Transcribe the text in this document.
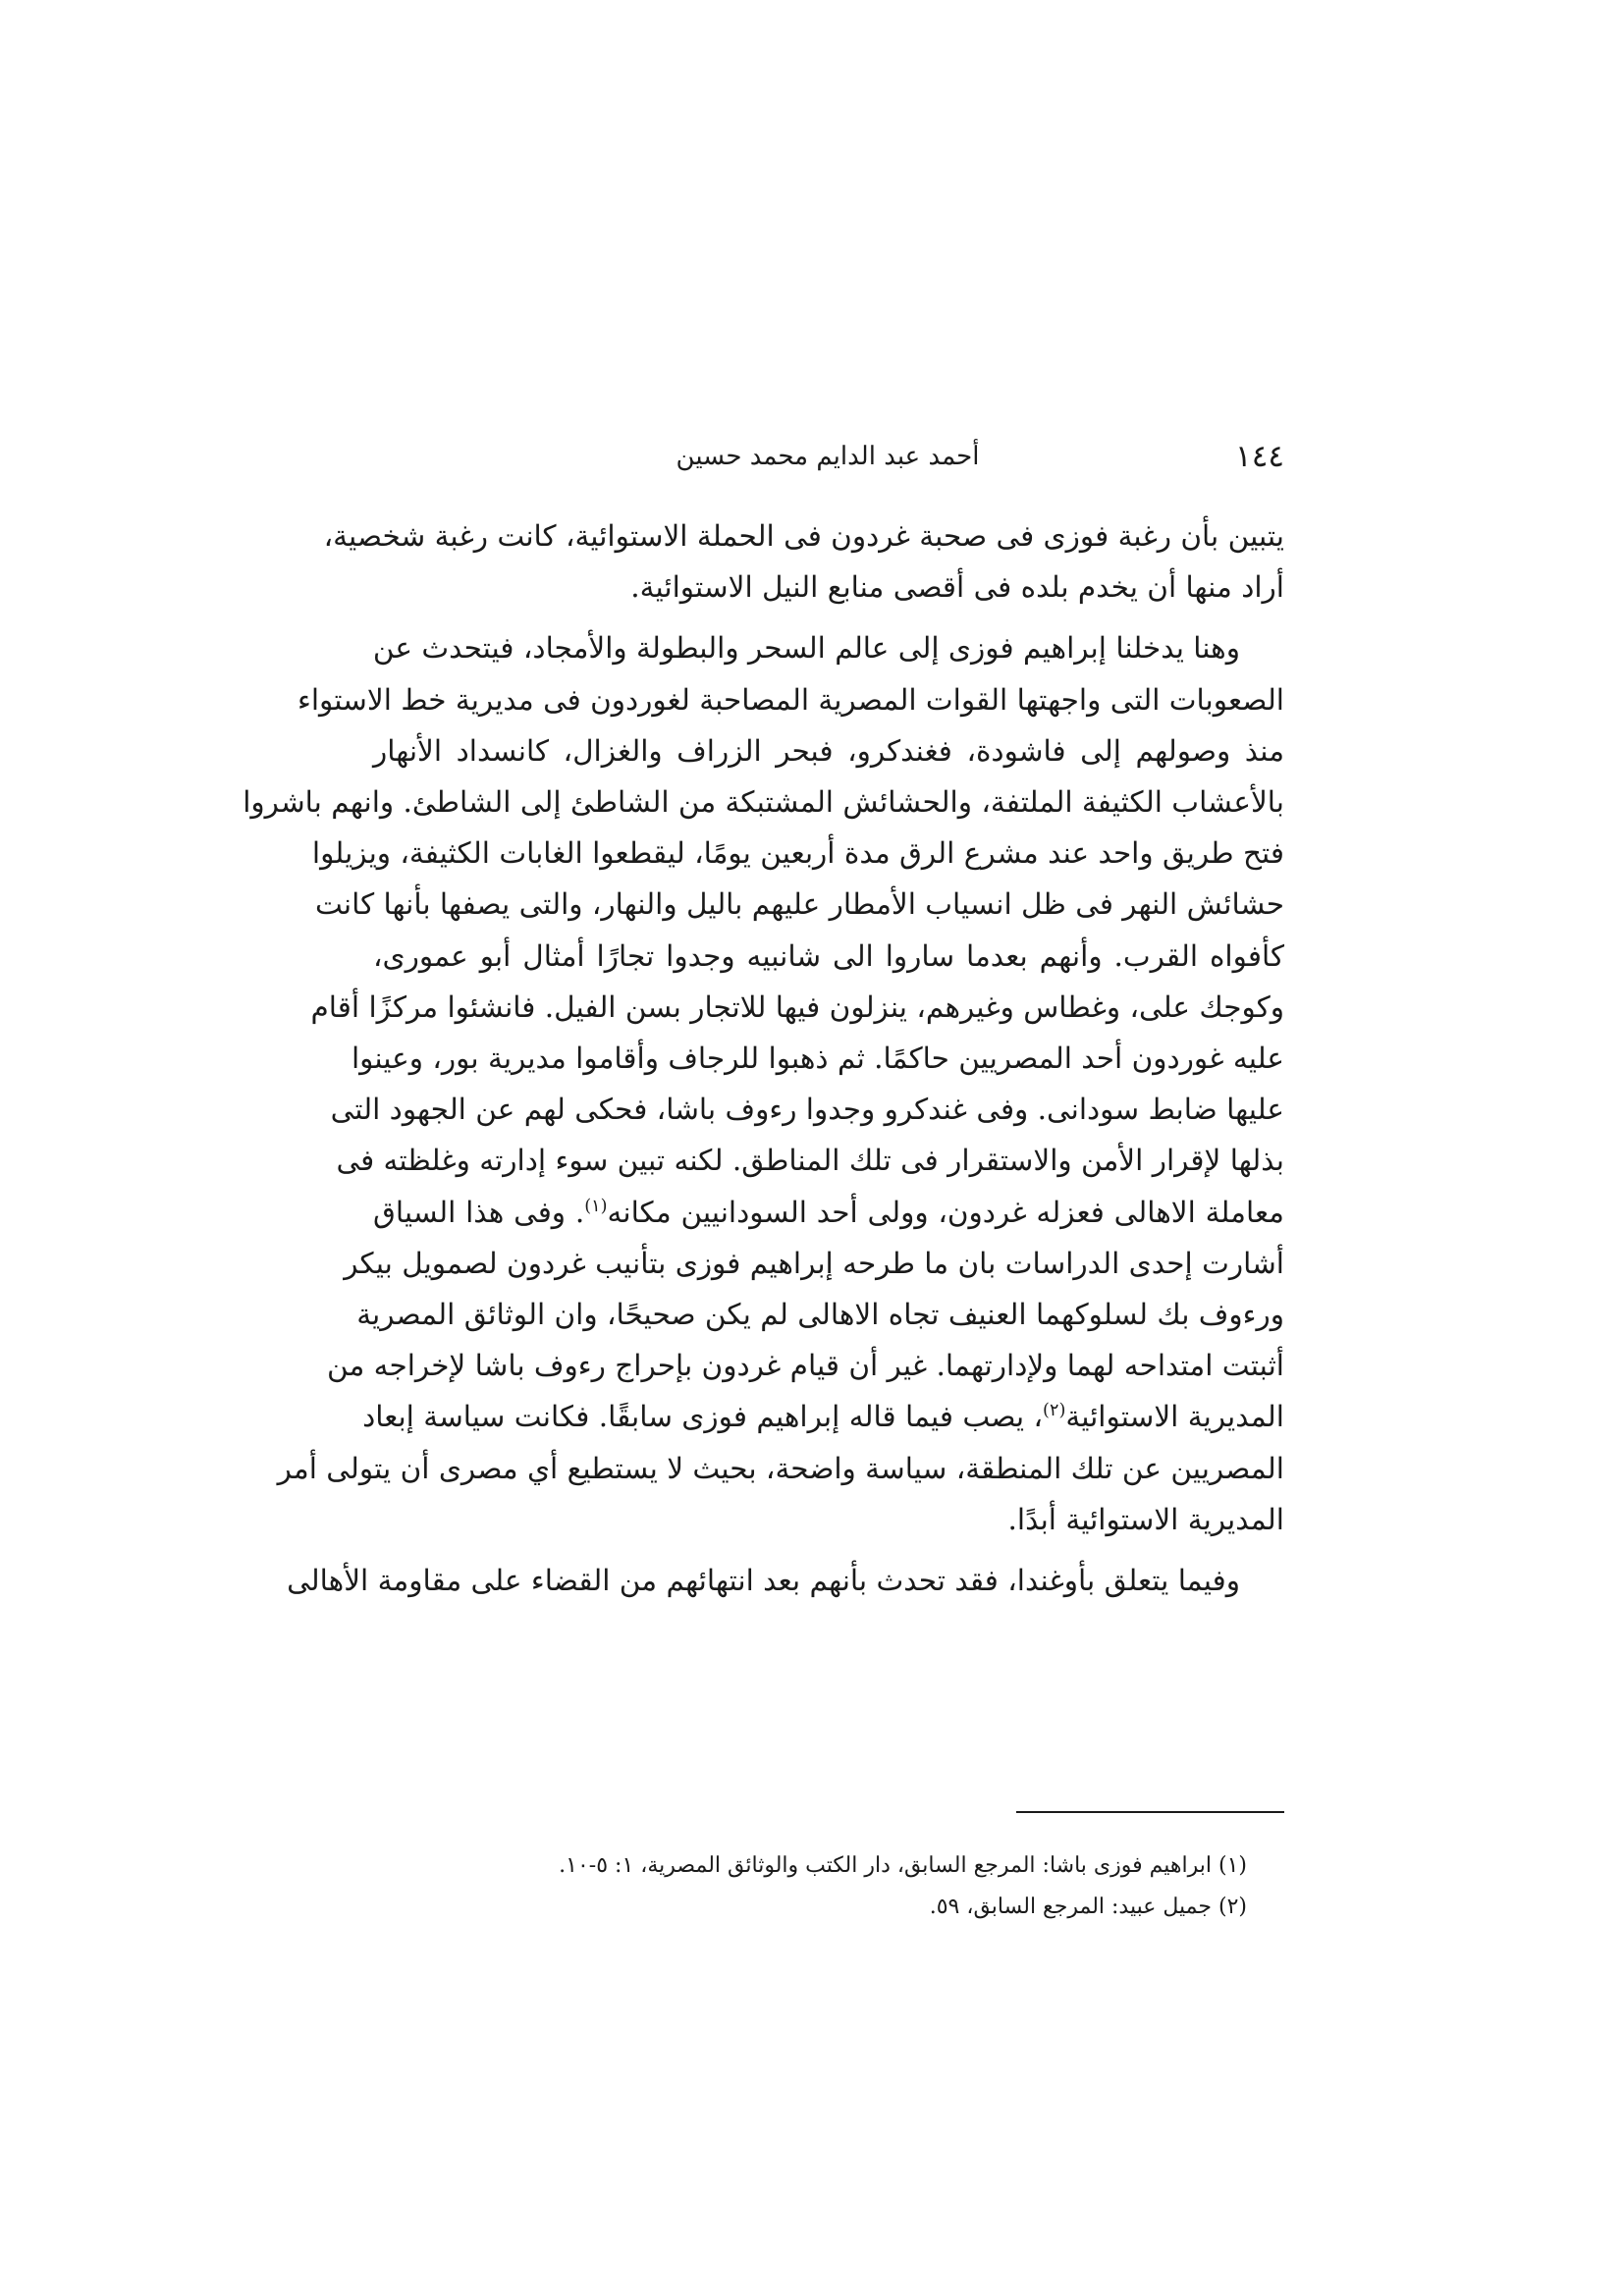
١٤٤
أحمد عبد الدايم محمد حسين

يتبين بأن رغبة فوزى فى صحبة غردون فى الحملة الاستوائية، كانت رغبة شخصية،
أراد منها أن يخدم بلده فى أقصى منابع النيل الاستوائية.

وهنا يدخلنا إبراهيم فوزى إلى عالم السحر والبطولة والأمجاد، فيتحدث عن
الصعوبات التى واجهتها القوات المصرية المصاحبة لغوردون فى مديرية خط الاستواء
منذ وصولهم إلى فاشودة، فغندكرو، فبحر الزراف والغزال، كانسداد الأنهار
بالأعشاب الكثيفة الملتفة، والحشائش المشتبكة من الشاطئ إلى الشاطئ. وانهم باشروا
فتح طريق واحد عند مشرع الرق مدة أربعين يومًا، ليقطعوا الغابات الكثيفة، ويزيلوا
حشائش النهر فى ظل انسياب الأمطار عليهم باليل والنهار، والتى يصفها بأنها كانت
كأفواه القرب. وأنهم بعدما ساروا الى شانبيه وجدوا تجارًا أمثال أبو عمورى،
وكوجك على، وغطاس وغيرهم، ينزلون فيها للاتجار بسن الفيل. فانشئوا مركزًا أقام
عليه غوردون أحد المصريين حاكمًا. ثم ذهبوا للرجاف وأقاموا مديرية بور، وعينوا
عليها ضابط سودانى. وفى غندكرو وجدوا رءوف باشا، فحكى لهم عن الجهود التى
بذلها لإقرار الأمن والاستقرار فى تلك المناطق. لكنه تبين سوء إدارته وغلظته فى
معاملة الاهالى فعزله غردون، وولى أحد السودانيين مكانه$^{(١)}$. وفى هذا السياق
أشارت إحدى الدراسات بان ما طرحه إبراهيم فوزى بتأنيب غردون لصمويل بيكر
ورءوف بك لسلوكهما العنيف تجاه الاهالى لم يكن صحيحًا، وان الوثائق المصرية
أثبتت امتداحه لهما ولإدارتهما. غير أن قيام غردون بإحراج رءوف باشا لإخراجه من
المديرية الاستوائية$^{(٢)}$، يصب فيما قاله إبراهيم فوزى سابقًا. فكانت سياسة إبعاد
المصريين عن تلك المنطقة، سياسة واضحة، بحيث لا يستطيع أي مصرى أن يتولى أمر
المديرية الاستوائية أبدًا.

وفيما يتعلق بأوغندا، فقد تحدث بأنهم بعد انتهائهم من القضاء على مقاومة الأهالى

(١) ابراهيم فوزى باشا: المرجع السابق، دار الكتب والوثائق المصرية، ١: ٥-١٠.
(٢) جميل عبيد: المرجع السابق، ٥٩.
